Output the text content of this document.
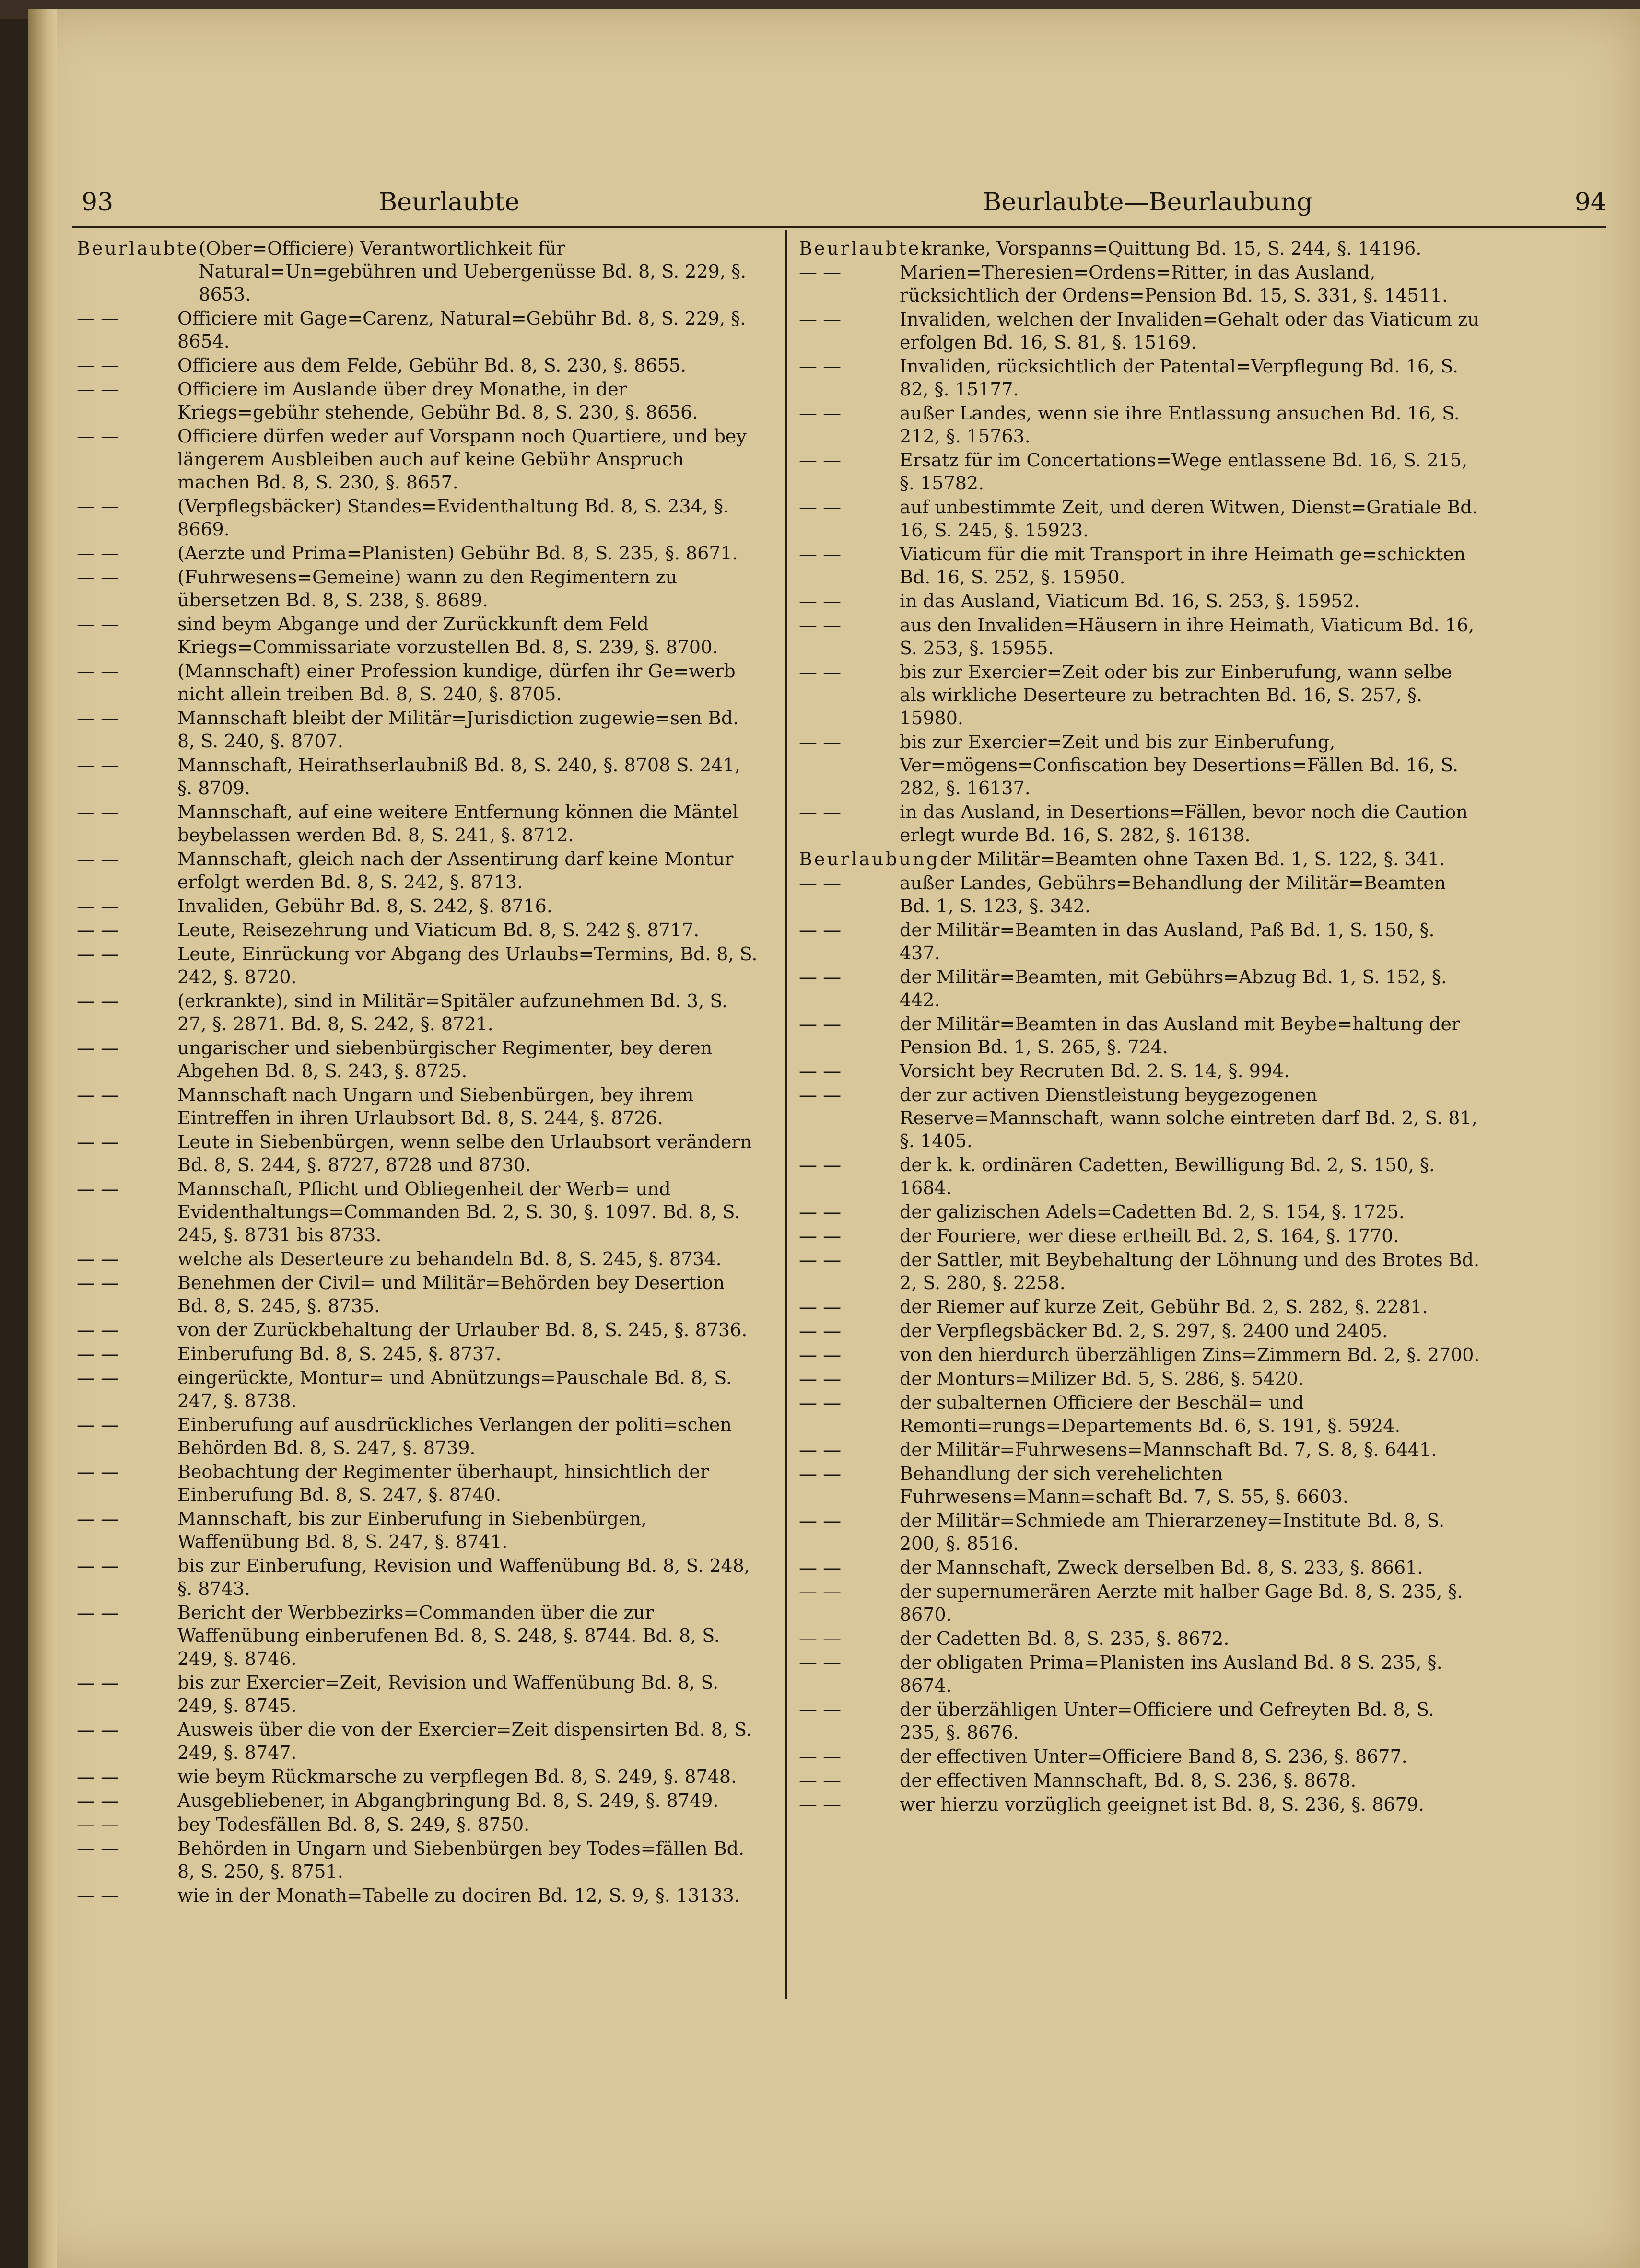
93	Beurlaubte	Beurlaubte—Beurlaubung	94
Beurlaubte (Ober=Officiere) Verantwortlichkeit für Natural=Un=gebühren und Uebergenüsse Bd. 8, S. 229, §. 8653.
— —	Officiere mit Gage=Carenz, Natural=Gebühr Bd. 8, S. 229, §. 8654.
— —	Officiere aus dem Felde, Gebühr Bd. 8, S. 230, §. 8655.
— —	Officiere im Auslande über drey Monathe, in der Kriegs=gebühr stehende, Gebühr Bd. 8, S. 230, §. 8656.
— —	Officiere dürfen weder auf Vorspann noch Quartiere, und bey längerem Ausbleiben auch auf keine Gebühr Anspruch machen Bd. 8, S. 230, §. 8657.
— —	(Verpflegsbäcker) Standes=Evidenthaltung Bd. 8, S. 234, §. 8669.
— —	(Aerzte und Prima=Planisten) Gebühr Bd. 8, S. 235, §. 8671.
— —	(Fuhrwesens=Gemeine) wann zu den Regimentern zu übersetzen Bd. 8, S. 238, §. 8689.
— —	sind beym Abgange und der Zurückkunft dem Feld Kriegs=Commissariate vorzustellen Bd. 8, S. 239, §. 8700.
— —	(Mannschaft) einer Profession kundige, dürfen ihr Ge=werb nicht allein treiben Bd. 8, S. 240, §. 8705.
— —	Mannschaft bleibt der Militär=Jurisdiction zugewie=sen Bd. 8, S. 240, §. 8707.
— —	Mannschaft, Heirathserlaubniß Bd. 8, S. 240, §. 8708 S. 241, §. 8709.
— —	Mannschaft, auf eine weitere Entfernung können die Mäntel beybelassen werden Bd. 8, S. 241, §. 8712.
— —	Mannschaft, gleich nach der Assentirung darf keine Montur erfolgt werden Bd. 8, S. 242, §. 8713.
— —	Invaliden, Gebühr Bd. 8, S. 242, §. 8716.
— —	Leute, Reisezehrung und Viaticum Bd. 8, S. 242 §. 8717.
— —	Leute, Einrückung vor Abgang des Urlaubs=Termins, Bd. 8, S. 242, §. 8720.
— —	(erkrankte), sind in Militär=Spitäler aufzunehmen Bd. 3, S. 27, §. 2871. Bd. 8, S. 242, §. 8721.
— —	ungarischer und siebenbürgischer Regimenter, bey deren Abgehen Bd. 8, S. 243, §. 8725.
— —	Mannschaft nach Ungarn und Siebenbürgen, bey ihrem Eintreffen in ihren Urlaubsort Bd. 8, S. 244, §. 8726.
— —	Leute in Siebenbürgen, wenn selbe den Urlaubsort verändern Bd. 8, S. 244, §. 8727, 8728 und 8730.
— —	Mannschaft, Pflicht und Obliegenheit der Werb= und Evidenthaltungs=Commanden Bd. 2, S. 30, §. 1097. Bd. 8, S. 245, §. 8731 bis 8733.
— —	welche als Deserteure zu behandeln Bd. 8, S. 245, §. 8734.
— —	Benehmen der Civil= und Militär=Behörden bey Desertion Bd. 8, S. 245, §. 8735.
— —	von der Zurückbehaltung der Urlauber Bd. 8, S. 245, §. 8736.
— —	Einberufung Bd. 8, S. 245, §. 8737.
— —	eingerückte, Montur= und Abnützungs=Pauschale Bd. 8, S. 247, §. 8738.
— —	Einberufung auf ausdrückliches Verlangen der politi=schen Behörden Bd. 8, S. 247, §. 8739.
— —	Beobachtung der Regimenter überhaupt, hinsichtlich der Einberufung Bd. 8, S. 247, §. 8740.
— —	Mannschaft, bis zur Einberufung in Siebenbürgen, Waffenübung Bd. 8, S. 247, §. 8741.
— —	bis zur Einberufung, Revision und Waffenübung Bd. 8, S. 248, §. 8743.
— —	Bericht der Werbbezirks=Commanden über die zur Waffenübung einberufenen Bd. 8, S. 248, §. 8744. Bd. 8, S. 249, §. 8746.
— —	bis zur Exercier=Zeit, Revision und Waffenübung Bd. 8, S. 249, §. 8745.
— —	Ausweis über die von der Exercier=Zeit dispensirten Bd. 8, S. 249, §. 8747.
— —	wie beym Rückmarsche zu verpflegen Bd. 8, S. 249, §. 8748.
— —	Ausgebliebener, in Abgangbringung Bd. 8, S. 249, §. 8749.
— —	bey Todesfällen Bd. 8, S. 249, §. 8750.
— —	Behörden in Ungarn und Siebenbürgen bey Todes=fällen Bd. 8, S. 250, §. 8751.
— —	wie in der Monath=Tabelle zu dociren Bd. 12, S. 9, §. 13133.
Beurlaubte kranke, Vorspanns=Quittung Bd. 15, S. 244, §. 14196.
— —	Marien=Theresien=Ordens=Ritter, in das Ausland, rücksichtlich der Ordens=Pension Bd. 15, S. 331, §. 14511.
— —	Invaliden, welchen der Invaliden=Gehalt oder das Viaticum zu erfolgen Bd. 16, S. 81, §. 15169.
— —	Invaliden, rücksichtlich der Patental=Verpflegung Bd. 16, S. 82, §. 15177.
— —	außer Landes, wenn sie ihre Entlassung ansuchen Bd. 16, S. 212, §. 15763.
— —	Ersatz für im Concertations=Wege entlassene Bd. 16, S. 215, §. 15782.
— —	auf unbestimmte Zeit, und deren Witwen, Dienst=Gratiale Bd. 16, S. 245, §. 15923.
— —	Viaticum für die mit Transport in ihre Heimath ge=schickten Bd. 16, S. 252, §. 15950.
— —	in das Ausland, Viaticum Bd. 16, S. 253, §. 15952.
— —	aus den Invaliden=Häusern in ihre Heimath, Viaticum Bd. 16, S. 253, §. 15955.
— —	bis zur Exercier=Zeit oder bis zur Einberufung, wann selbe als wirkliche Deserteure zu betrachten Bd. 16, S. 257, §. 15980.
— —	bis zur Exercier=Zeit und bis zur Einberufung, Ver=mögens=Confiscation bey Desertions=Fällen Bd. 16, S. 282, §. 16137.
— —	in das Ausland, in Desertions=Fällen, bevor noch die Caution erlegt wurde Bd. 16, S. 282, §. 16138.
Beurlaubung der Militär=Beamten ohne Taxen Bd. 1, S. 122, §. 341.
— —	außer Landes, Gebührs=Behandlung der Militär=Beamten Bd. 1, S. 123, §. 342.
— —	der Militär=Beamten in das Ausland, Paß Bd. 1, S. 150, §. 437.
— —	der Militär=Beamten, mit Gebührs=Abzug Bd. 1, S. 152, §. 442.
— —	der Militär=Beamten in das Ausland mit Beybe=haltung der Pension Bd. 1, S. 265, §. 724.
— —	Vorsicht bey Recruten Bd. 2. S. 14, §. 994.
— —	der zur activen Dienstleistung beygezogenen Reserve=Mannschaft, wann solche eintreten darf Bd. 2, S. 81, §. 1405.
— —	der k. k. ordinären Cadetten, Bewilligung Bd. 2, S. 150, §. 1684.
— —	der galizischen Adels=Cadetten Bd. 2, S. 154, §. 1725.
— —	der Fouriere, wer diese ertheilt Bd. 2, S. 164, §. 1770.
— —	der Sattler, mit Beybehaltung der Löhnung und des Brotes Bd. 2, S. 280, §. 2258.
— —	der Riemer auf kurze Zeit, Gebühr Bd. 2, S. 282, §. 2281.
— —	der Verpflegsbäcker Bd. 2, S. 297, §. 2400 und 2405.
— —	von den hierdurch überzähligen Zins=Zimmern Bd. 2, §. 2700.
— —	der Monturs=Milizer Bd. 5, S. 286, §. 5420.
— —	der subalternen Officiere der Beschäl= und Remonti=rungs=Departements Bd. 6, S. 191, §. 5924.
— —	der Militär=Fuhrwesens=Mannschaft Bd. 7, S. 8, §. 6441.
— —	Behandlung der sich verehelichten Fuhrwesens=Mann=schaft Bd. 7, S. 55, §. 6603.
— —	der Militär=Schmiede am Thierarzeney=Institute Bd. 8, S. 200, §. 8516.
— —	der Mannschaft, Zweck derselben Bd. 8, S. 233, §. 8661.
— —	der supernumerären Aerzte mit halber Gage Bd. 8, S. 235, §. 8670.
— —	der Cadetten Bd. 8, S. 235, §. 8672.
— —	der obligaten Prima=Planisten ins Ausland Bd. 8 S. 235, §. 8674.
— —	der überzähligen Unter=Officiere und Gefreyten Bd. 8, S. 235, §. 8676.
— —	der effectiven Unter=Officiere Band 8, S. 236, §. 8677.
— —	der effectiven Mannschaft, Bd. 8, S. 236, §. 8678.
— —	wer hierzu vorzüglich geeignet ist Bd. 8, S. 236, §. 8679.
